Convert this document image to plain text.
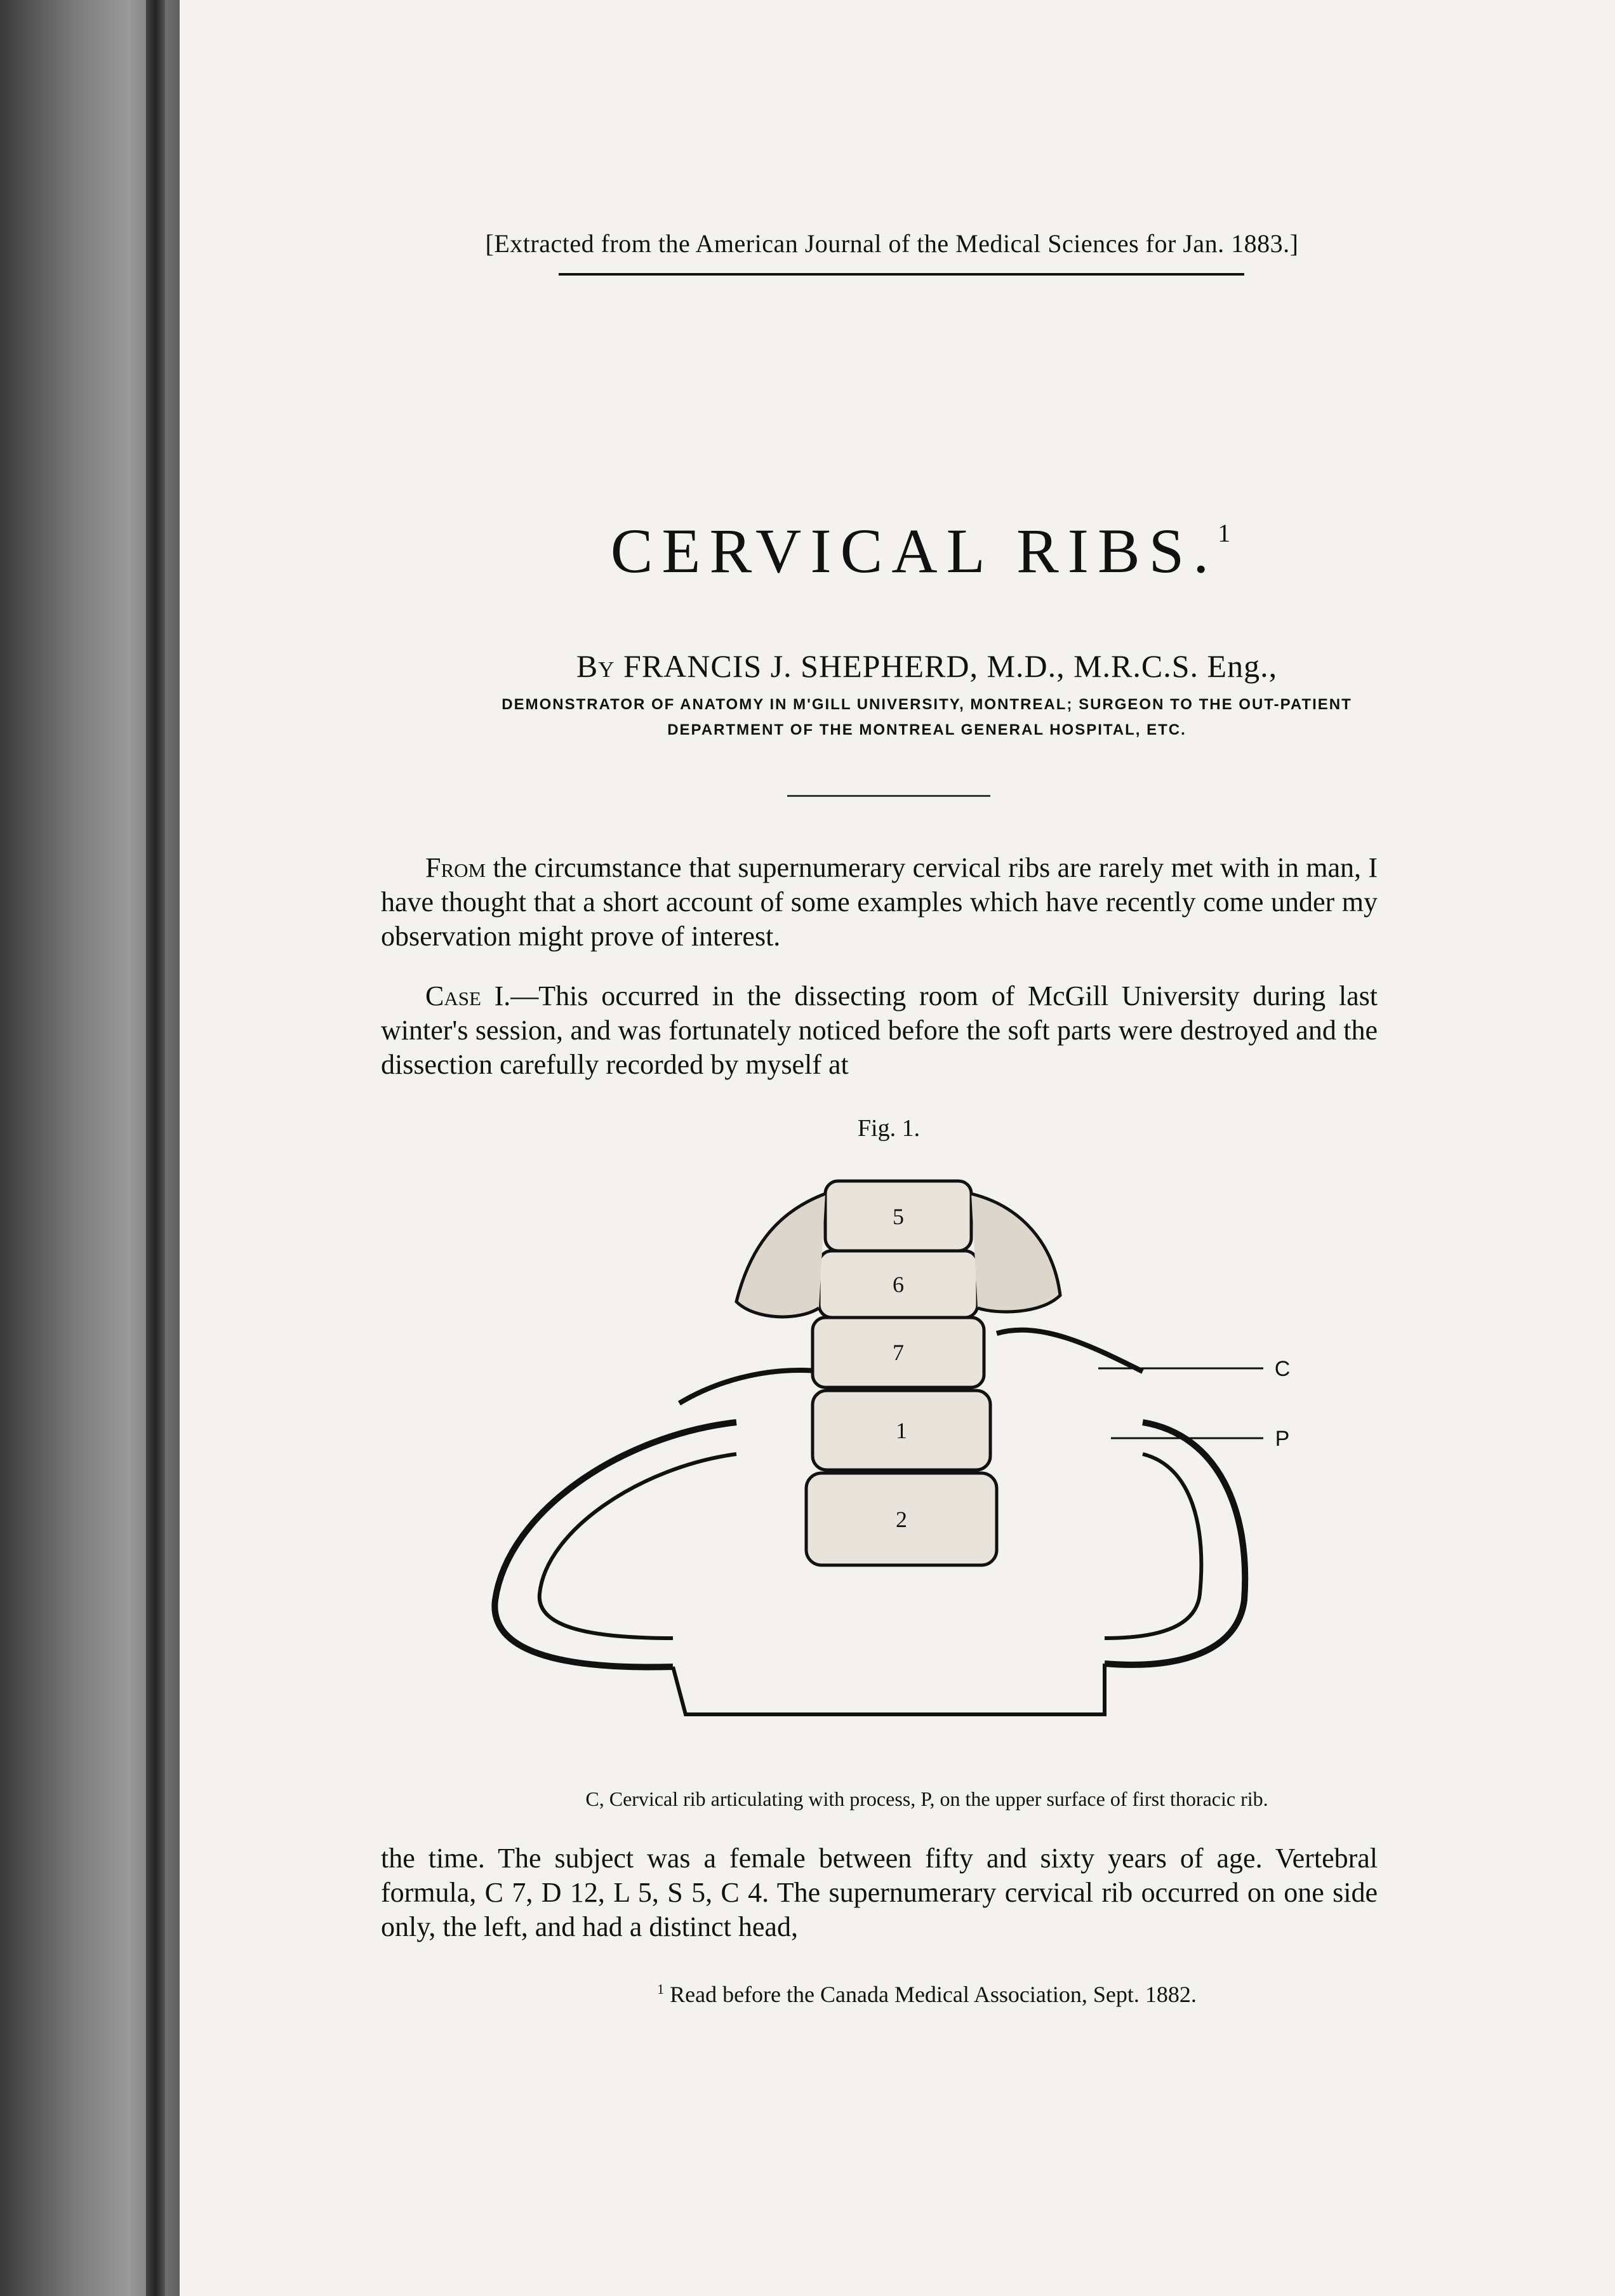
[Extracted from the American Journal of the Medical Sciences for Jan. 1883.]
CERVICAL RIBS.$^1$
By FRANCIS J. SHEPHERD, M.D., M.R.C.S. Eng.,
DEMONSTRATOR OF ANATOMY IN M'GILL UNIVERSITY, MONTREAL; SURGEON TO THE OUT-PATIENT
DEPARTMENT OF THE MONTREAL GENERAL HOSPITAL, ETC.
From the circumstance that supernumerary cervical ribs are rarely met with in man, I have thought that a short account of some examples which have recently come under my observation might prove of interest.
Case I.—This occurred in the dissecting room of McGill University during last winter's session, and was fortunately noticed before the soft parts were destroyed and the dissection carefully recorded by myself at
Fig. 1.
5
6
7
1
2
C
P
C, Cervical rib articulating with process, P, on the upper surface of first thoracic rib.
the time. The subject was a female between fifty and sixty years of age. Vertebral formula, C 7, D 12, L 5, S 5, C 4. The supernumerary cervical rib occurred on one side only, the left, and had a distinct head,
$^1$ Read before the Canada Medical Association, Sept. 1882.
